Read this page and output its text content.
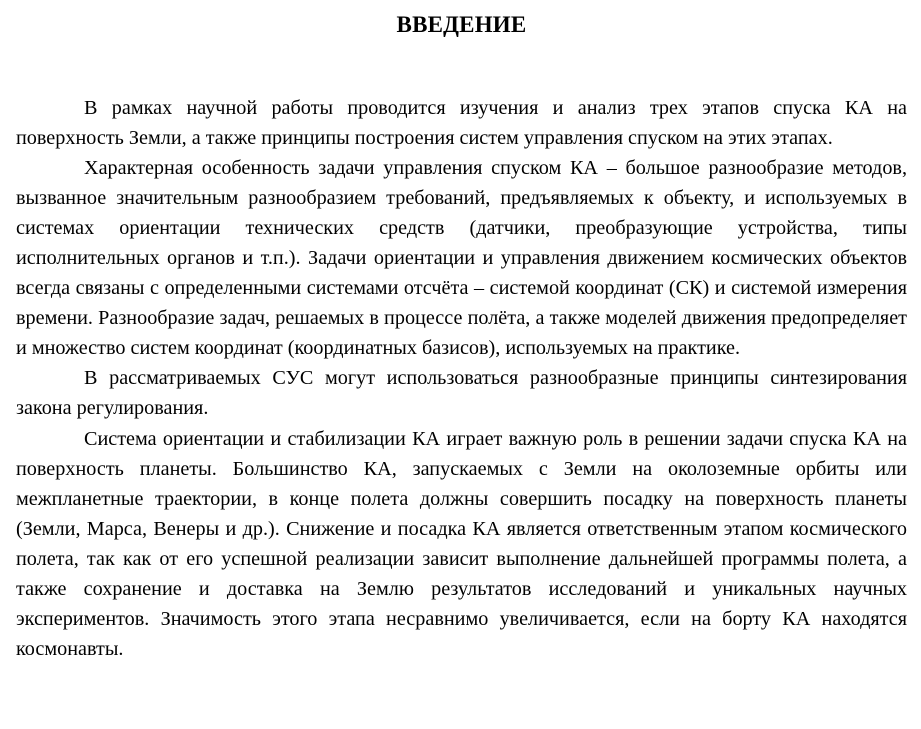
ВВЕДЕНИЕ

В рамках научной работы проводится изучения и анализ трех этапов спуска КА на поверхность Земли, а также принципы построения систем управления спуском на этих этапах.

Характерная особенность задачи управления спуском КА – большое разнообразие методов, вызванное значительным разнообразием требований, предъявляемых к объекту, и используемых в системах ориентации технических средств (датчики, преобразующие устройства, типы исполнительных органов и т.п.). Задачи ориентации и управления движением космических объектов всегда связаны с определенными системами отсчёта – системой координат (СК) и системой измерения времени. Разнообразие задач, решаемых в процессе полёта, а также моделей движения предопределяет и множество систем координат (координатных базисов), используемых на практике.

В рассматриваемых СУС могут использоваться разнообразные принципы синтезирования закона регулирования.

Система ориентации и стабилизации КА играет важную роль в решении задачи спуска КА на поверхность планеты. Большинство КА, запускаемых с Земли на околоземные орбиты или межпланетные траектории, в конце полета должны совершить посадку на поверхность планеты (Земли, Марса, Венеры и др.). Снижение и посадка КА является ответственным этапом космического полета, так как от его успешной реализации зависит выполнение дальнейшей программы полета, а также сохранение и доставка на Землю результатов исследований и уникальных научных экспериментов. Значимость этого этапа несравнимо увеличивается, если на борту КА находятся космонавты.
